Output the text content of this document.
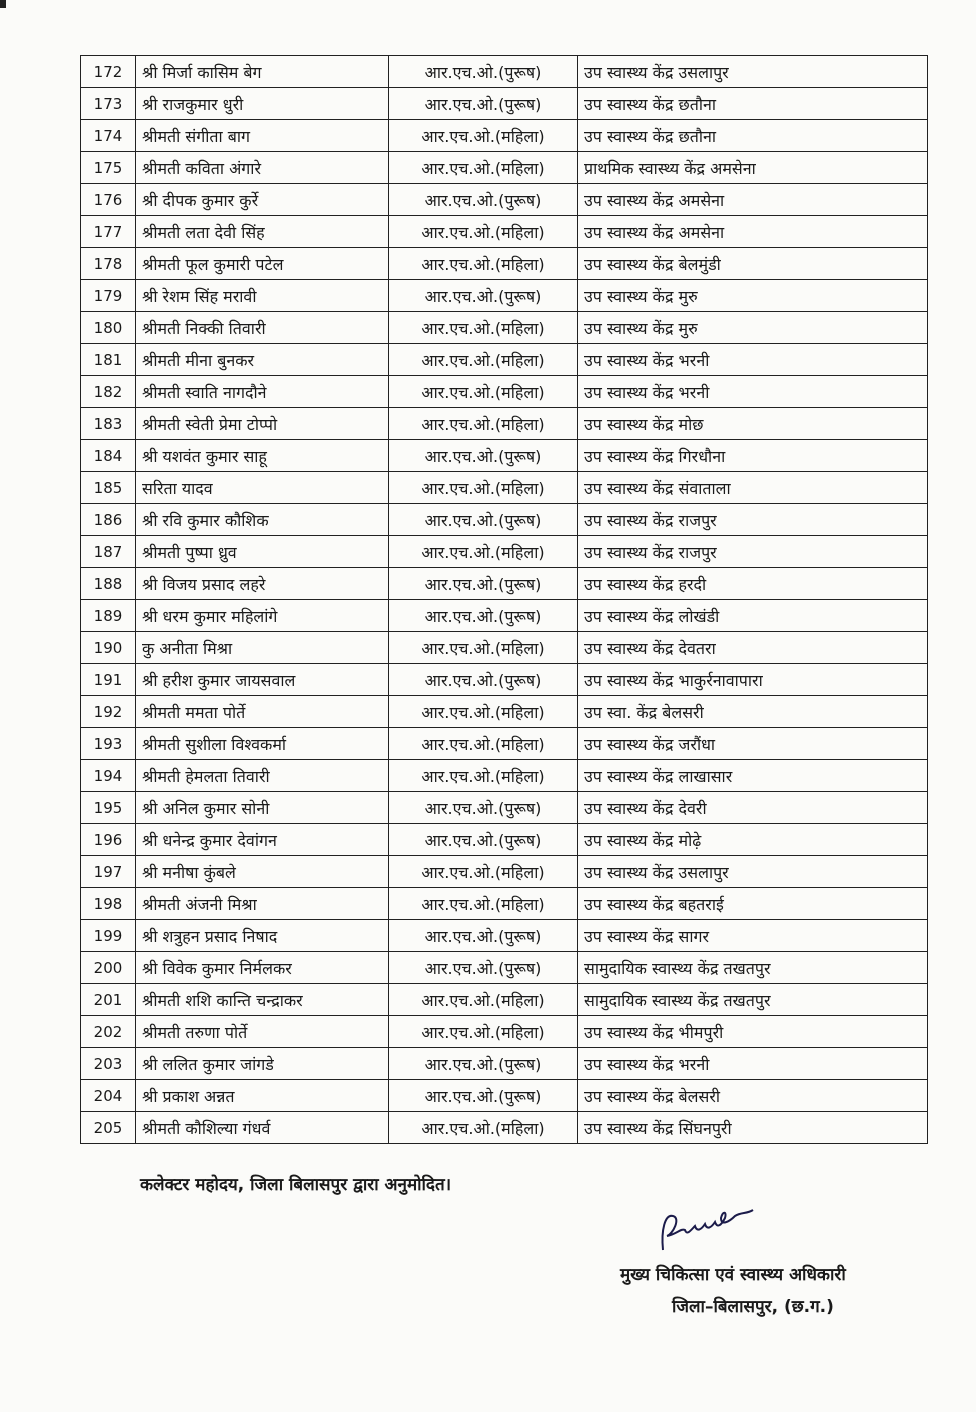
172	श्री मिर्जा कासिम बेग	आर.एच.ओ.(पुरूष)	उप स्वास्थ्य केंद्र उसलापुर
173	श्री राजकुमार धुरी	आर.एच.ओ.(पुरूष)	उप स्वास्थ्य केंद्र छतौना
174	श्रीमती संगीता बाग	आर.एच.ओ.(महिला)	उप स्वास्थ्य केंद्र छतौना
175	श्रीमती कविता अंगारे	आर.एच.ओ.(महिला)	प्राथमिक स्वास्थ्य केंद्र अमसेना
176	श्री दीपक कुमार कुर्रे	आर.एच.ओ.(पुरूष)	उप स्वास्थ्य केंद्र अमसेना
177	श्रीमती लता देवी सिंह	आर.एच.ओ.(महिला)	उप स्वास्थ्य केंद्र अमसेना
178	श्रीमती फूल कुमारी पटेल	आर.एच.ओ.(महिला)	उप स्वास्थ्य केंद्र बेलमुंडी
179	श्री रेशम सिंह मरावी	आर.एच.ओ.(पुरूष)	उप स्वास्थ्य केंद्र मुरु
180	श्रीमती निक्की तिवारी	आर.एच.ओ.(महिला)	उप स्वास्थ्य केंद्र मुरु
181	श्रीमती मीना बुनकर	आर.एच.ओ.(महिला)	उप स्वास्थ्य केंद्र भरनी
182	श्रीमती स्वाति नागदौने	आर.एच.ओ.(महिला)	उप स्वास्थ्य केंद्र भरनी
183	श्रीमती स्वेती प्रेमा टोप्पो	आर.एच.ओ.(महिला)	उप स्वास्थ्य केंद्र मोछ
184	श्री यशवंत कुमार साहू	आर.एच.ओ.(पुरूष)	उप स्वास्थ्य केंद्र गिरधौना
185	सरिता यादव	आर.एच.ओ.(महिला)	उप स्वास्थ्य केंद्र संवाताला
186	श्री रवि कुमार कौशिक	आर.एच.ओ.(पुरूष)	उप स्वास्थ्य केंद्र राजपुर
187	श्रीमती पुष्पा ध्रुव	आर.एच.ओ.(महिला)	उप स्वास्थ्य केंद्र राजपुर
188	श्री विजय प्रसाद लहरे	आर.एच.ओ.(पुरूष)	उप स्वास्थ्य केंद्र हरदी
189	श्री धरम कुमार महिलांगे	आर.एच.ओ.(पुरूष)	उप स्वास्थ्य केंद्र लोखंडी
190	कु अनीता मिश्रा	आर.एच.ओ.(महिला)	उप स्वास्थ्य केंद्र देवतरा
191	श्री हरीश कुमार जायसवाल	आर.एच.ओ.(पुरूष)	उप स्वास्थ्य केंद्र भाकुर्रनावापारा
192	श्रीमती ममता पोर्ते	आर.एच.ओ.(महिला)	उप स्वा. केंद्र बेलसरी
193	श्रीमती सुशीला विश्वकर्मा	आर.एच.ओ.(महिला)	उप स्वास्थ्य केंद्र जरौंधा
194	श्रीमती हेमलता तिवारी	आर.एच.ओ.(महिला)	उप स्वास्थ्य केंद्र लाखासार
195	श्री अनिल कुमार सोनी	आर.एच.ओ.(पुरूष)	उप स्वास्थ्य केंद्र देवरी
196	श्री धनेन्द्र कुमार देवांगन	आर.एच.ओ.(पुरूष)	उप स्वास्थ्य केंद्र मोढ़े
197	श्री मनीषा कुंबले	आर.एच.ओ.(महिला)	उप स्वास्थ्य केंद्र उसलापुर
198	श्रीमती अंजनी मिश्रा	आर.एच.ओ.(महिला)	उप स्वास्थ्य केंद्र बहतराई
199	श्री शत्रुहन प्रसाद निषाद	आर.एच.ओ.(पुरूष)	उप स्वास्थ्य केंद्र सागर
200	श्री विवेक कुमार निर्मलकर	आर.एच.ओ.(पुरूष)	सामुदायिक स्वास्थ्य केंद्र तखतपुर
201	श्रीमती शशि कान्ति चन्द्राकर	आर.एच.ओ.(महिला)	सामुदायिक स्वास्थ्य केंद्र तखतपुर
202	श्रीमती तरुणा पोर्ते	आर.एच.ओ.(महिला)	उप स्वास्थ्य केंद्र भीमपुरी
203	श्री ललित कुमार जांगडे	आर.एच.ओ.(पुरूष)	उप स्वास्थ्य केंद्र भरनी
204	श्री प्रकाश अन्नत	आर.एच.ओ.(पुरूष)	उप स्वास्थ्य केंद्र बेलसरी
205	श्रीमती कौशिल्या गंधर्व	आर.एच.ओ.(महिला)	उप स्वास्थ्य केंद्र सिंघनपुरी
कलेक्टर महोदय, जिला बिलासपुर द्वारा अनुमोदित।
मुख्य चिकित्सा एवं स्वास्थ्य अधिकारी
जिला–बिलासपुर, (छ.ग.)
